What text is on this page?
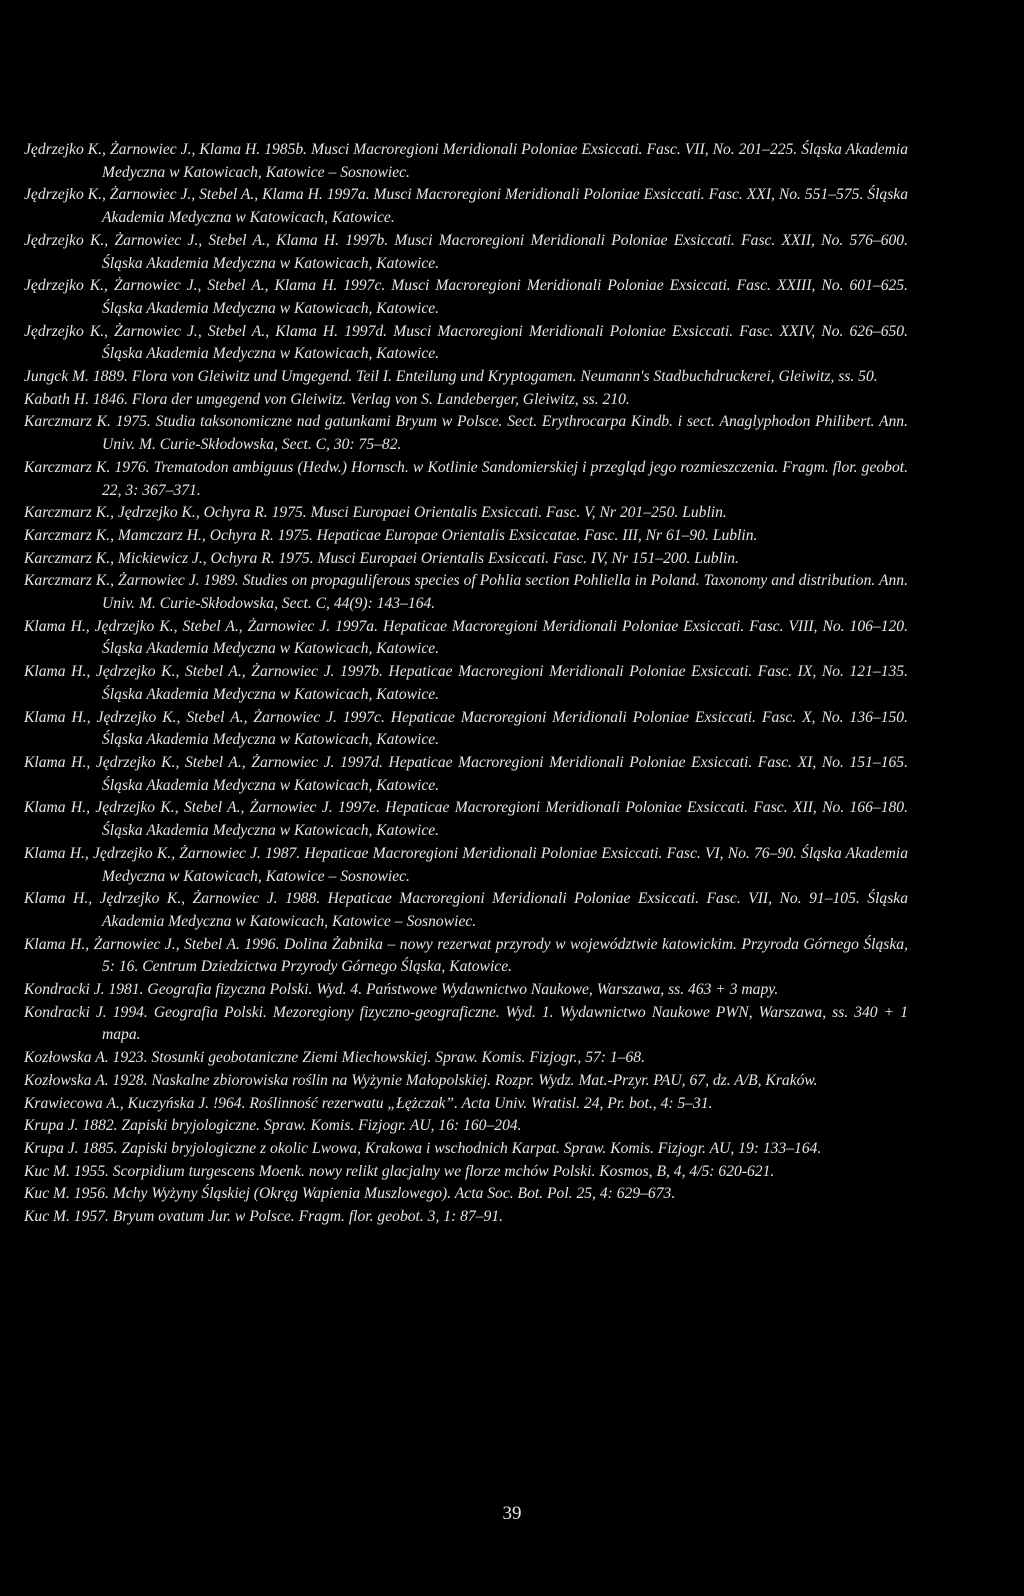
Jędrzejko K., Żarnowiec J., Klama H. 1985b. Musci Macroregioni Meridionali Poloniae Exsiccati. Fasc. VII, No. 201–225. Śląska Akademia Medyczna w Katowicach, Katowice – Sosnowiec.
Jędrzejko K., Żarnowiec J., Stebel A., Klama H. 1997a. Musci Macroregioni Meridionali Poloniae Exsiccati. Fasc. XXI, No. 551–575. Śląska Akademia Medyczna w Katowicach, Katowice.
Jędrzejko K., Żarnowiec J., Stebel A., Klama H. 1997b. Musci Macroregioni Meridionali Poloniae Exsiccati. Fasc. XXII, No. 576–600. Śląska Akademia Medyczna w Katowicach, Katowice.
Jędrzejko K., Żarnowiec J., Stebel A., Klama H. 1997c. Musci Macroregioni Meridionali Poloniae Exsiccati. Fasc. XXIII, No. 601–625. Śląska Akademia Medyczna w Katowicach, Katowice.
Jędrzejko K., Żarnowiec J., Stebel A., Klama H. 1997d. Musci Macroregioni Meridionali Poloniae Exsiccati. Fasc. XXIV, No. 626–650. Śląska Akademia Medyczna w Katowicach, Katowice.
Jungck M. 1889. Flora von Gleiwitz und Umgegend. Teil I. Enteilung und Kryptogamen. Neumann's Stadbuchdruckerei, Gleiwitz, ss. 50.
Kabath H. 1846. Flora der umgegend von Gleiwitz. Verlag von S. Landeberger, Gleiwitz, ss. 210.
Karczmarz K. 1975. Studia taksonomiczne nad gatunkami Bryum w Polsce. Sect. Erythrocarpa Kindb. i sect. Anaglyphodon Philibert. Ann. Univ. M. Curie-Skłodowska, Sect. C, 30: 75–82.
Karczmarz K. 1976. Trematodon ambiguus (Hedw.) Hornsch. w Kotlinie Sandomierskiej i przegląd jego rozmieszczenia. Fragm. flor. geobot. 22, 3: 367–371.
Karczmarz K., Jędrzejko K., Ochyra R. 1975. Musci Europaei Orientalis Exsiccati. Fasc. V, Nr 201–250. Lublin.
Karczmarz K., Mamczarz H., Ochyra R. 1975. Hepaticae Europae Orientalis Exsiccatae. Fasc. III, Nr 61–90. Lublin.
Karczmarz K., Mickiewicz J., Ochyra R. 1975. Musci Europaei Orientalis Exsiccati. Fasc. IV, Nr 151–200. Lublin.
Karczmarz K., Żarnowiec J. 1989. Studies on propaguliferous species of Pohlia section Pohliella in Poland. Taxonomy and distribution. Ann. Univ. M. Curie-Skłodowska, Sect. C, 44(9): 143–164.
Klama H., Jędrzejko K., Stebel A., Żarnowiec J. 1997a. Hepaticae Macroregioni Meridionali Poloniae Exsiccati. Fasc. VIII, No. 106–120. Śląska Akademia Medyczna w Katowicach, Katowice.
Klama H., Jędrzejko K., Stebel A., Żarnowiec J. 1997b. Hepaticae Macroregioni Meridionali Poloniae Exsiccati. Fasc. IX, No. 121–135. Śląska Akademia Medyczna w Katowicach, Katowice.
Klama H., Jędrzejko K., Stebel A., Żarnowiec J. 1997c. Hepaticae Macroregioni Meridionali Poloniae Exsiccati. Fasc. X, No. 136–150. Śląska Akademia Medyczna w Katowicach, Katowice.
Klama H., Jędrzejko K., Stebel A., Żarnowiec J. 1997d. Hepaticae Macroregioni Meridionali Poloniae Exsiccati. Fasc. XI, No. 151–165. Śląska Akademia Medyczna w Katowicach, Katowice.
Klama H., Jędrzejko K., Stebel A., Żarnowiec J. 1997e. Hepaticae Macroregioni Meridionali Poloniae Exsiccati. Fasc. XII, No. 166–180. Śląska Akademia Medyczna w Katowicach, Katowice.
Klama H., Jędrzejko K., Żarnowiec J. 1987. Hepaticae Macroregioni Meridionali Poloniae Exsiccati. Fasc. VI, No. 76–90. Śląska Akademia Medyczna w Katowicach, Katowice – Sosnowiec.
Klama H., Jędrzejko K., Żarnowiec J. 1988. Hepaticae Macroregioni Meridionali Poloniae Exsiccati. Fasc. VII, No. 91–105. Śląska Akademia Medyczna w Katowicach, Katowice – Sosnowiec.
Klama H., Żarnowiec J., Stebel A. 1996. Dolina Żabnika – nowy rezerwat przyrody w województwie katowickim. Przyroda Górnego Śląska, 5: 16. Centrum Dziedzictwa Przyrody Górnego Śląska, Katowice.
Kondracki J. 1981. Geografia fizyczna Polski. Wyd. 4. Państwowe Wydawnictwo Naukowe, Warszawa, ss. 463 + 3 mapy.
Kondracki J. 1994. Geografia Polski. Mezoregiony fizyczno-geograficzne. Wyd. 1. Wydawnictwo Naukowe PWN, Warszawa, ss. 340 + 1 mapa.
Kozłowska A. 1923. Stosunki geobotaniczne Ziemi Miechowskiej. Spraw. Komis. Fizjogr., 57: 1–68.
Kozłowska A. 1928. Naskalne zbiorowiska roślin na Wyżynie Małopolskiej. Rozpr. Wydz. Mat.-Przyr. PAU, 67, dz. A/B, Kraków.
Krawiecowa A., Kuczyńska J. !964. Roślinność rezerwatu „Łężczak”. Acta Univ. Wratisl. 24, Pr. bot., 4: 5–31.
Krupa J. 1882. Zapiski bryjologiczne. Spraw. Komis. Fizjogr. AU, 16: 160–204.
Krupa J. 1885. Zapiski bryjologiczne z okolic Lwowa, Krakowa i wschodnich Karpat. Spraw. Komis. Fizjogr. AU, 19: 133–164.
Kuc M. 1955. Scorpidium turgescens Moenk. nowy relikt glacjalny we florze mchów Polski. Kosmos, B, 4, 4/5: 620-621.
Kuc M. 1956. Mchy Wyżyny Śląskiej (Okręg Wapienia Muszlowego). Acta Soc. Bot. Pol. 25, 4: 629–673.
Kuc M. 1957. Bryum ovatum Jur. w Polsce. Fragm. flor. geobot. 3, 1: 87–91.
39
